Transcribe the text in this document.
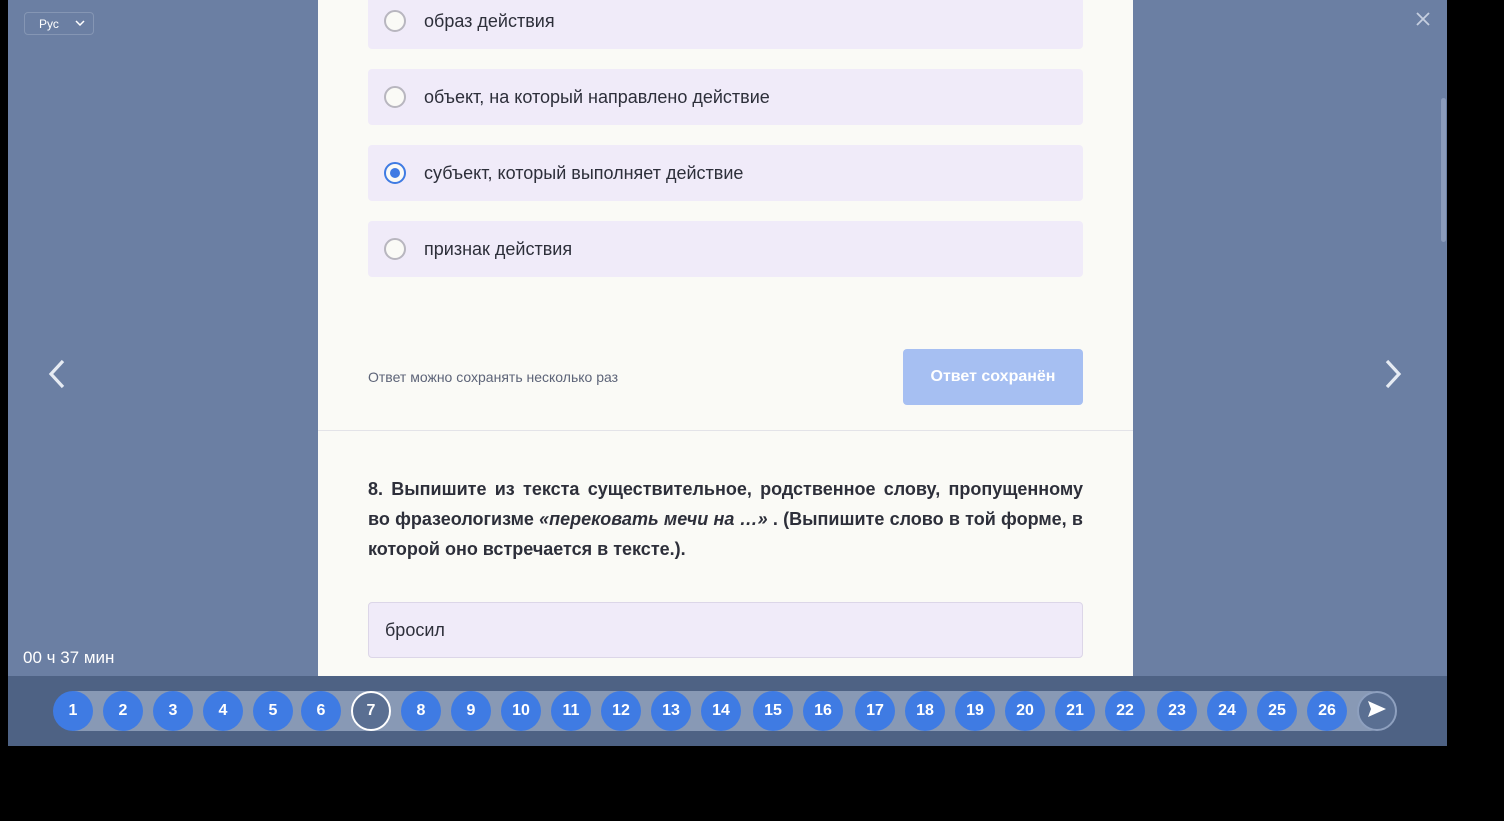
Рус
00 ч 37 мин
образ действия
объект, на который направлено действие
субъект, который выполняет действие
признак действия
Ответ можно сохранять несколько раз	Ответ сохранён
8. Выпишите из текста существительное, родственное слову, пропущенному во фразеологизме «перековать мечи на …» . (Выпишите слово в той форме, в которой оно встречается в тексте.).
бросил
1	2	3	4	5	6	7	8	9	10	11	12	13	14	15	16	17	18	19	20	21	22	23	24	25	26
